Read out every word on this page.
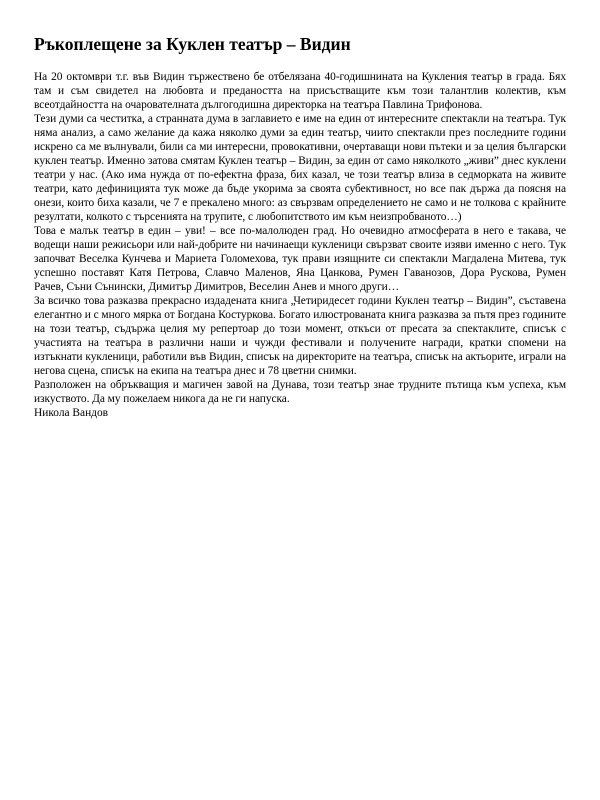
Ръкоплещене за Куклен театър – Видин

На 20 октомври т.г. във Видин тържествено бе отбелязана 40-годишнината на Кукления театър в града. Бях там и съм свидетел на любовта и предаността на присъстващите към този талантлив колектив, към всеотдайността на очарователната дългогодишна директорка на театъра Павлина Трифонова.

Тези думи са честитка, а странната дума в заглавието е име на един от интересните спектакли на театъра. Тук няма анализ, а само желание да кажа няколко думи за един театър, чиито спектакли през последните години искрено са ме вълнували, били са ми интересни, провокативни, очертаващи нови пътеки и за целия български куклен театър. Именно затова смятам Куклен театър – Видин, за един от само няколкото „живи” днес куклени театри у нас. (Ако има нужда от по-ефектна фраза, бих казал, че този театър влиза в седморката на живите театри, като дефиницията тук може да бъде укорима за своята субективност, но все пак държа да поясня на онези, които биха казали, че 7 е прекалено много: аз свързвам определението не само и не толкова с крайните резултати, колкото с търсенията на трупите, с любопитството им към неизпробваното…)

Това е малък театър в един – уви! – все по-малолюден град. Но очевидно атмосферата в него е такава, че водещи наши режисьори или най-добрите ни начинаещи кукленици свързват своите изяви именно с него. Тук започват Веселка Кунчева и Мариета Голомехова, тук прави изящните си спектакли Магдалена Митева, тук успешно поставят Катя Петрова, Славчо Маленов, Яна Цанкова, Румен Гаванозов, Дора Рускова, Румен Рачев, Съни Сънински, Димитър Димитров, Веселин Анев и много други…

За всичко това разказва прекрасно издадената книга „Четиридесет години Куклен театър – Видин”, съставена елегантно и с много мярка от Богдана Костуркова. Богато илюстрованата книга разказва за пътя през годините на този театър, съдържа целия му репертоар до този момент, откъси от пресата за спектаклите, списък с участията на театъра в различни наши и чужди фестивали и получените награди, кратки спомени на изтъкнати кукленици, работили във Видин, списък на директорите на театъра, списък на актьорите, играли на негова сцена, списък на екипа на театъра днес и 78 цветни снимки.

Разположен на обръкващия и магичен завой на Дунава, този театър знае трудните пътища към успеха, към изкуството. Да му пожелаем никога да не ги напуска.

Никола Вандов
